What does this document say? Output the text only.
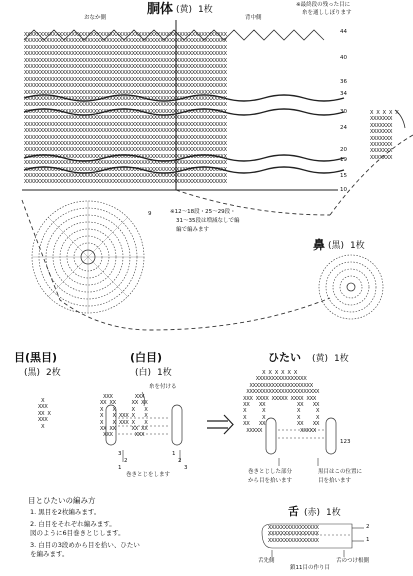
胴体 (黄) 1枚	※最終段の残った目に
糸を通ししぼります
おなか側	背中側
XXXXXXXXXXXXXXXXXXXXXXXXXXXXXXXXXXXXXXXXXXXXXXXXXXXXXXXXXXXXXXXX
XXXXXXXXXXXXXXXXXXXXXXXXXXXXXXXXXXXXXXXXXXXXXXXXXXXXXXXXXXXXXXXX
XXXXXXXXXXXXXXXXXXXXXXXXXXXXXXXXXXXXXXXXXXXXXXXXXXXXXXXXXXXXXXXX
XXXXXXXXXXXXXXXXXXXXXXXXXXXXXXXXXXXXXXXXXXXXXXXXXXXXXXXXXXXXXXXX
XXXXXXXXXXXXXXXXXXXXXXXXXXXXXXXXXXXXXXXXXXXXXXXXXXXXXXXXXXXXXXXX
XXXXXXXXXXXXXXXXXXXXXXXXXXXXXXXXXXXXXXXXXXXXXXXXXXXXXXXXXXXXXXXX
XXXXXXXXXXXXXXXXXXXXXXXXXXXXXXXXXXXXXXXXXXXXXXXXXXXXXXXXXXXXXXXX
XXXXXXXXXXXXXXXXXXXXXXXXXXXXXXXXXXXXXXXXXXXXXXXXXXXXXXXXXXXXXXXX
XXXXXXXXXXXXXXXXXXXXXXXXXXXXXXXXXXXXXXXXXXXXXXXXXXXXXXXXXXXXXXXX
XXXXXXXXXXXXXXXXXXXXXXXXXXXXXXXXXXXXXXXXXXXXXXXXXXXXXXXXXXXXXXXX
XXXXXXXXXXXXXXXXXXXXXXXXXXXXXXXXXXXXXXXXXXXXXXXXXXXXXXXXXXXXXXXX
XXXXXXXXXXXXXXXXXXXXXXXXXXXXXXXXXXXXXXXXXXXXXXXXXXXXXXXXXXXXXXXX
XXXXXXXXXXXXXXXXXXXXXXXXXXXXXXXXXXXXXXXXXXXXXXXXXXXXXXXXXXXXXXXX
XXXXXXXXXXXXXXXXXXXXXXXXXXXXXXXXXXXXXXXXXXXXXXXXXXXXXXXXXXXXXXXX
XXXXXXXXXXXXXXXXXXXXXXXXXXXXXXXXXXXXXXXXXXXXXXXXXXXXXXXXXXXXXXXX
XXXXXXXXXXXXXXXXXXXXXXXXXXXXXXXXXXXXXXXXXXXXXXXXXXXXXXXXXXXXXXXX
XXXXXXXXXXXXXXXXXXXXXXXXXXXXXXXXXXXXXXXXXXXXXXXXXXXXXXXXXXXXXXXX
XXXXXXXXXXXXXXXXXXXXXXXXXXXXXXXXXXXXXXXXXXXXXXXXXXXXXXXXXXXXXXXX
XXXXXXXXXXXXXXXXXXXXXXXXXXXXXXXXXXXXXXXXXXXXXXXXXXXXXXXXXXXXXXXX
XXXXXXXXXXXXXXXXXXXXXXXXXXXXXXXXXXXXXXXXXXXXXXXXXXXXXXXXXXXXXXXX
XXXXXXXXXXXXXXXXXXXXXXXXXXXXXXXXXXXXXXXXXXXXXXXXXXXXXXXXXXXXXXXX
XXXXXXXXXXXXXXXXXXXXXXXXXXXXXXXXXXXXXXXXXXXXXXXXXXXXXXXXXXXXXXXX
XXXXXXXXXXXXXXXXXXXXXXXXXXXXXXXXXXXXXXXXXXXXXXXXXXXXXXXXXXXXXXXX
XXXXXXXXXXXXXXXXXXXXXXXXXXXXXXXXXXXXXXXXXXXXXXXXXXXXXXXXXXXXXXXX
44
40
36
34
30
24
20
19
15
10
X X X X X
XXXXXXX
XXXXXXX
XXXXXXX
XXXXXXX
XXXXXXX
XXXXXXX
XXXXXXX
9	※12～18段・25～29段・
31～35段は増減なしで編
編で編みます
鼻 (黒) 1枚
目(黒目)
(黒) 2枚
X
XXX
XX X
XXX
X
(白目)
(白) 1枚
糸を付ける
XXX       XXX
XX XX     XX XX
X   X     X   X
X   X XXX X   X
X   X XXX X   X
XX XX     XX XX
XXX       XXX
3
2
1
1
2
3
巻きとじをします
ひたい (黄) 1枚
X X X X X X
XXXXXXXXXXXXXXXX
XXXXXXXXXXXXXXXXXXXX
XXXXXXXXXXXXXXXXXXXXXXX
XXX XXXX XXXXX XXXX XXX
XX   XX          XX   XX
X     X          X     X
X     X          X     X
XX   XX          XX   XX
XXXXX            XXXXX
123
巻きとじした部分
から目を拾います
黒目はこの位置に
目を拾います
目とひたいの編み方
1. 黒目を2枚編みます。
2. 白目をそれぞれ編みます。
図のように6目巻きとじします。
3. 白目の3段めから目を拾い、ひたい
を編みます。
舌 (赤) 1枚
XXXXXXXXXXXXXXXX
XXXXXXXXXXXXXXXX
XXXXXXXXXXXXXXXX
2
1
舌先側	舌のつけ根側
鎖11目の作り目
